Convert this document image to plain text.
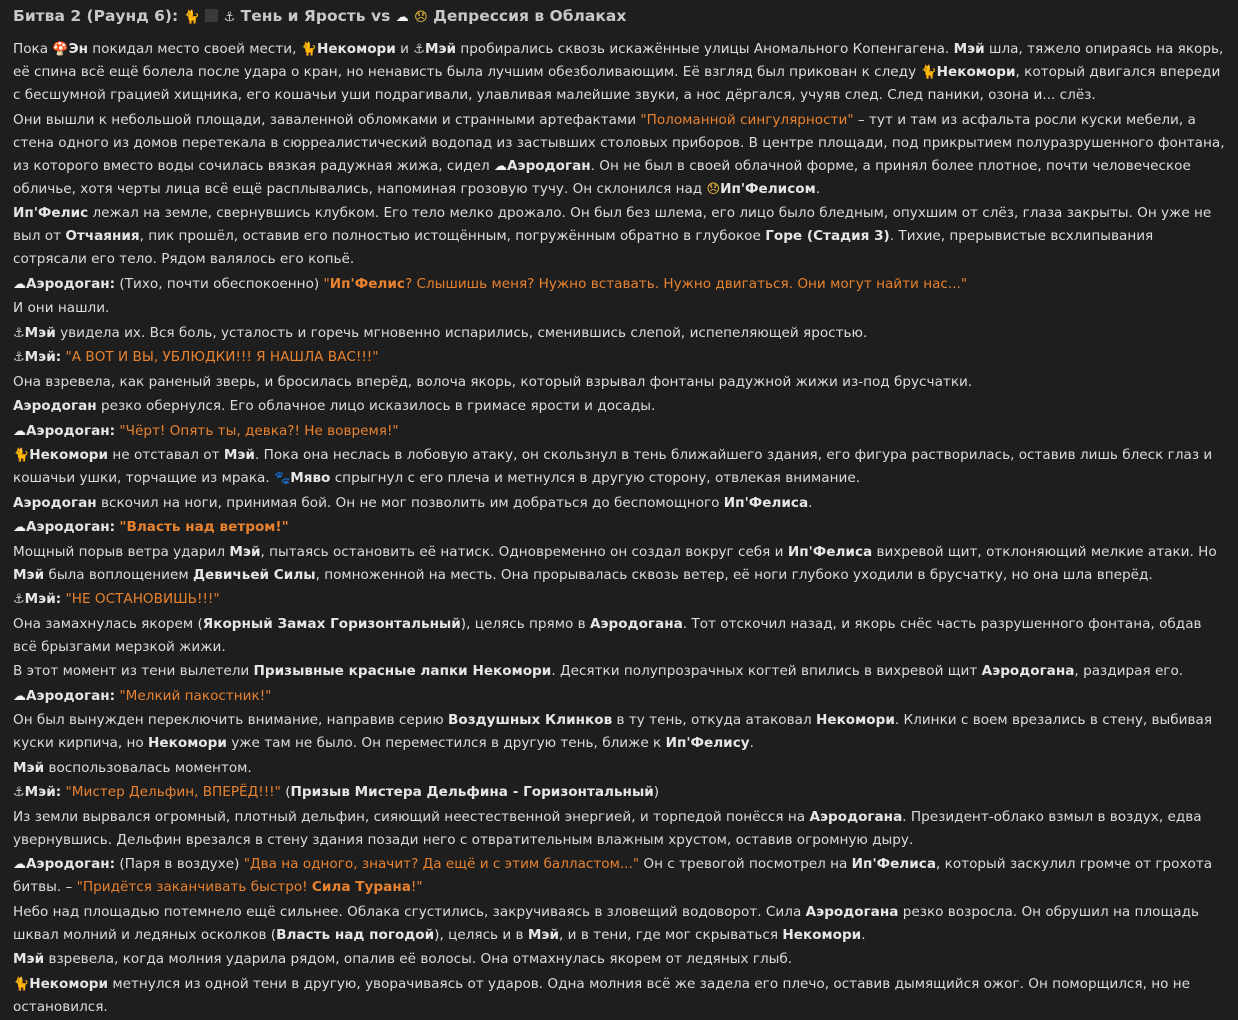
Битва 2 (Раунд 6): 🐈 ⚓ Тень и Ярость vs ☁ 😞 Депрессия в Облаках
Пока 🍄Эн покидал место своей мести, 🐈Некомори и ⚓Мэй пробирались сквозь искажённые улицы Аномального Копенгагена. Мэй шла, тяжело опираясь на якорь, её спина всё ещё болела после удара о кран, но ненависть была лучшим обезболивающим. Её взгляд был прикован к следу 🐈Некомори, который двигался впереди с бесшумной грацией хищника, его кошачьи уши подрагивали, улавливая малейшие звуки, а нос дёргался, учуяв след. След паники, озона и... слёз.
Они вышли к небольшой площади, заваленной обломками и странными артефактами "Поломанной сингулярности" – тут и там из асфальта росли куски мебели, а стена одного из домов перетекала в сюрреалистический водопад из застывших столовых приборов. В центре площади, под прикрытием полуразрушенного фонтана, из которого вместо воды сочилась вязкая радужная жижа, сидел ☁Аэродоган. Он не был в своей облачной форме, а принял более плотное, почти человеческое обличье, хотя черты лица всё ещё расплывались, напоминая грозовую тучу. Он склонился над 😞Ип'Фелисом.
Ип'Фелис лежал на земле, свернувшись клубком. Его тело мелко дрожало. Он был без шлема, его лицо было бледным, опухшим от слёз, глаза закрыты. Он уже не выл от Отчаяния, пик прошёл, оставив его полностью истощённым, погружённым обратно в глубокое Горе (Стадия 3). Тихие, прерывистые всхлипывания сотрясали его тело. Рядом валялось его копьё.
☁Аэродоган: (Тихо, почти обеспокоенно) "Ип'Фелис? Слышишь меня? Нужно вставать. Нужно двигаться. Они могут найти нас..."
И они нашли.
⚓Мэй увидела их. Вся боль, усталость и горечь мгновенно испарились, сменившись слепой, испепеляющей яростью.
⚓Мэй: "А ВОТ И ВЫ, УБЛЮДКИ!!! Я НАШЛА ВАС!!!"
Она взревела, как раненый зверь, и бросилась вперёд, волоча якорь, который взрывал фонтаны радужной жижи из-под брусчатки.
Аэродоган резко обернулся. Его облачное лицо исказилось в гримасе ярости и досады.
☁Аэродоган: "Чёрт! Опять ты, девка?! Не вовремя!"
🐈Некомори не отставал от Мэй. Пока она неслась в лобовую атаку, он скользнул в тень ближайшего здания, его фигура растворилась, оставив лишь блеск глаз и кошачьи ушки, торчащие из мрака. 🐾Мяво спрыгнул с его плеча и метнулся в другую сторону, отвлекая внимание.
Аэродоган вскочил на ноги, принимая бой. Он не мог позволить им добраться до беспомощного Ип'Фелиса.
☁Аэродоган: "Власть над ветром!"
Мощный порыв ветра ударил Мэй, пытаясь остановить её натиск. Одновременно он создал вокруг себя и Ип'Фелиса вихревой щит, отклоняющий мелкие атаки. Но Мэй была воплощением Девичьей Силы, помноженной на месть. Она прорывалась сквозь ветер, её ноги глубоко уходили в брусчатку, но она шла вперёд.
⚓Мэй: "НЕ ОСТАНОВИШЬ!!!"
Она замахнулась якорем (Якорный Замах Горизонтальный), целясь прямо в Аэродогана. Тот отскочил назад, и якорь снёс часть разрушенного фонтана, обдав всё брызгами мерзкой жижи.
В этот момент из тени вылетели Призывные красные лапки Некомори. Десятки полупрозрачных когтей впились в вихревой щит Аэродогана, раздирая его.
☁Аэродоган: "Мелкий пакостник!"
Он был вынужден переключить внимание, направив серию Воздушных Клинков в ту тень, откуда атаковал Некомори. Клинки с воем врезались в стену, выбивая куски кирпича, но Некомори уже там не было. Он переместился в другую тень, ближе к Ип'Фелису.
Мэй воспользовалась моментом.
⚓Мэй: "Мистер Дельфин, ВПЕРЁД!!!" (Призыв Мистера Дельфина - Горизонтальный)
Из земли вырвался огромный, плотный дельфин, сияющий неестественной энергией, и торпедой понёсся на Аэродогана. Президент-облако взмыл в воздух, едва увернувшись. Дельфин врезался в стену здания позади него с отвратительным влажным хрустом, оставив огромную дыру.
☁Аэродоган: (Паря в воздухе) "Два на одного, значит? Да ещё и с этим балластом..." Он с тревогой посмотрел на Ип'Фелиса, который заскулил громче от грохота битвы. – "Придётся заканчивать быстро! Сила Турана!"
Небо над площадью потемнело ещё сильнее. Облака сгустились, закручиваясь в зловещий водоворот. Сила Аэродогана резко возросла. Он обрушил на площадь шквал молний и ледяных осколков (Власть над погодой), целясь и в Мэй, и в тени, где мог скрываться Некомори.
Мэй взревела, когда молния ударила рядом, опалив её волосы. Она отмахнулась якорем от ледяных глыб.
🐈Некомори метнулся из одной тени в другую, уворачиваясь от ударов. Одна молния всё же задела его плечо, оставив дымящийся ожог. Он поморщился, но не остановился.
